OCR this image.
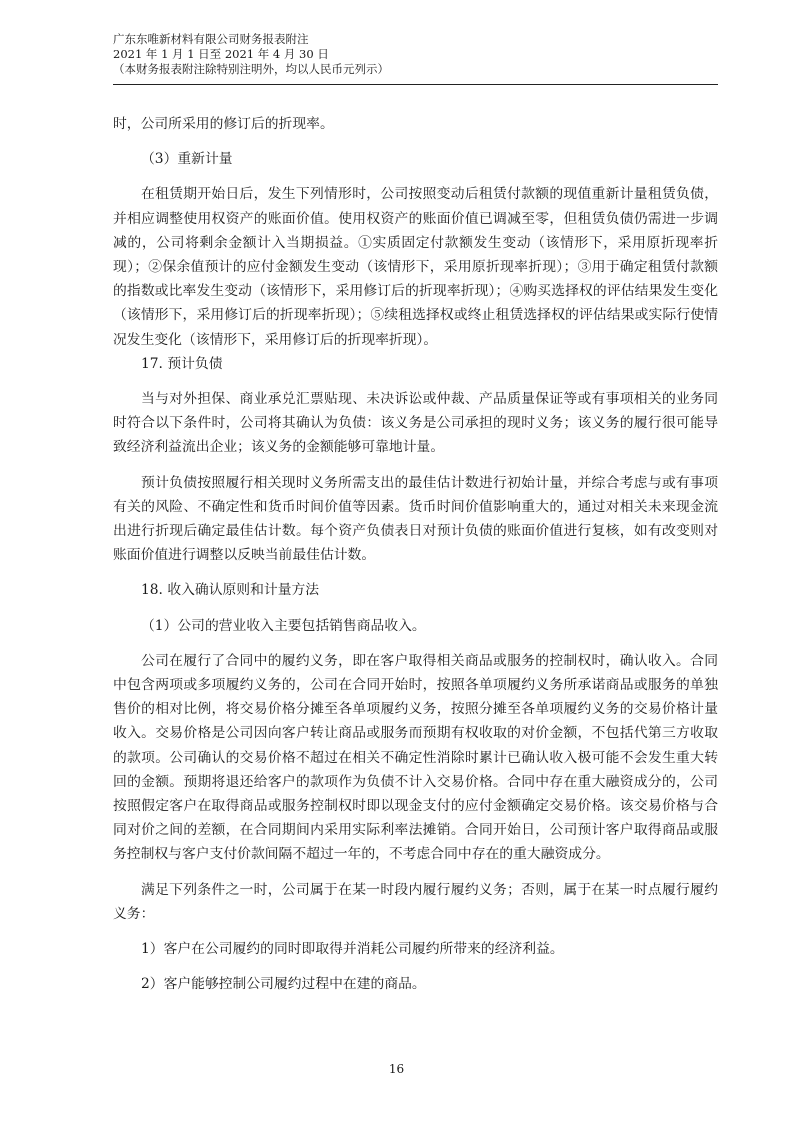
广东东唯新材料有限公司财务报表附注
2021 年 1 月 1 日至 2021 年 4 月 30 日
（本财务报表附注除特别注明外，均以人民币元列示）

时，公司所采用的修订后的折现率。

（3）重新计量

在租赁期开始日后，发生下列情形时，公司按照变动后租赁付款额的现值重新计量租赁负债，并相应调整使用权资产的账面价值。使用权资产的账面价值已调减至零，但租赁负债仍需进一步调减的，公司将剩余金额计入当期损益。①实质固定付款额发生变动（该情形下，采用原折现率折现）；②保余值预计的应付金额发生变动（该情形下，采用原折现率折现）；③用于确定租赁付款额的指数或比率发生变动（该情形下，采用修订后的折现率折现）；④购买选择权的评估结果发生变化（该情形下，采用修订后的折现率折现）；⑤续租选择权或终止租赁选择权的评估结果或实际行使情况发生变化（该情形下，采用修订后的折现率折现）。

17. 预计负债

当与对外担保、商业承兑汇票贴现、未决诉讼或仲裁、产品质量保证等或有事项相关的业务同时符合以下条件时，公司将其确认为负债：该义务是公司承担的现时义务；该义务的履行很可能导致经济利益流出企业；该义务的金额能够可靠地计量。

预计负债按照履行相关现时义务所需支出的最佳估计数进行初始计量，并综合考虑与或有事项有关的风险、不确定性和货币时间价值等因素。货币时间价值影响重大的，通过对相关未来现金流出进行折现后确定最佳估计数。每个资产负债表日对预计负债的账面价值进行复核，如有改变则对账面价值进行调整以反映当前最佳估计数。

18. 收入确认原则和计量方法

（1）公司的营业收入主要包括销售商品收入。

公司在履行了合同中的履约义务，即在客户取得相关商品或服务的控制权时，确认收入。合同中包含两项或多项履约义务的，公司在合同开始时，按照各单项履约义务所承诺商品或服务的单独售价的相对比例，将交易价格分摊至各单项履约义务，按照分摊至各单项履约义务的交易价格计量收入。交易价格是公司因向客户转让商品或服务而预期有权收取的对价金额，不包括代第三方收取的款项。公司确认的交易价格不超过在相关不确定性消除时累计已确认收入极可能不会发生重大转回的金额。预期将退还给客户的款项作为负债不计入交易价格。合同中存在重大融资成分的，公司按照假定客户在取得商品或服务控制权时即以现金支付的应付金额确定交易价格。该交易价格与合同对价之间的差额，在合同期间内采用实际利率法摊销。合同开始日，公司预计客户取得商品或服务控制权与客户支付价款间隔不超过一年的，不考虑合同中存在的重大融资成分。

满足下列条件之一时，公司属于在某一时段内履行履约义务；否则，属于在某一时点履行履约义务：

1）客户在公司履约的同时即取得并消耗公司履约所带来的经济利益。

2）客户能够控制公司履约过程中在建的商品。

16
